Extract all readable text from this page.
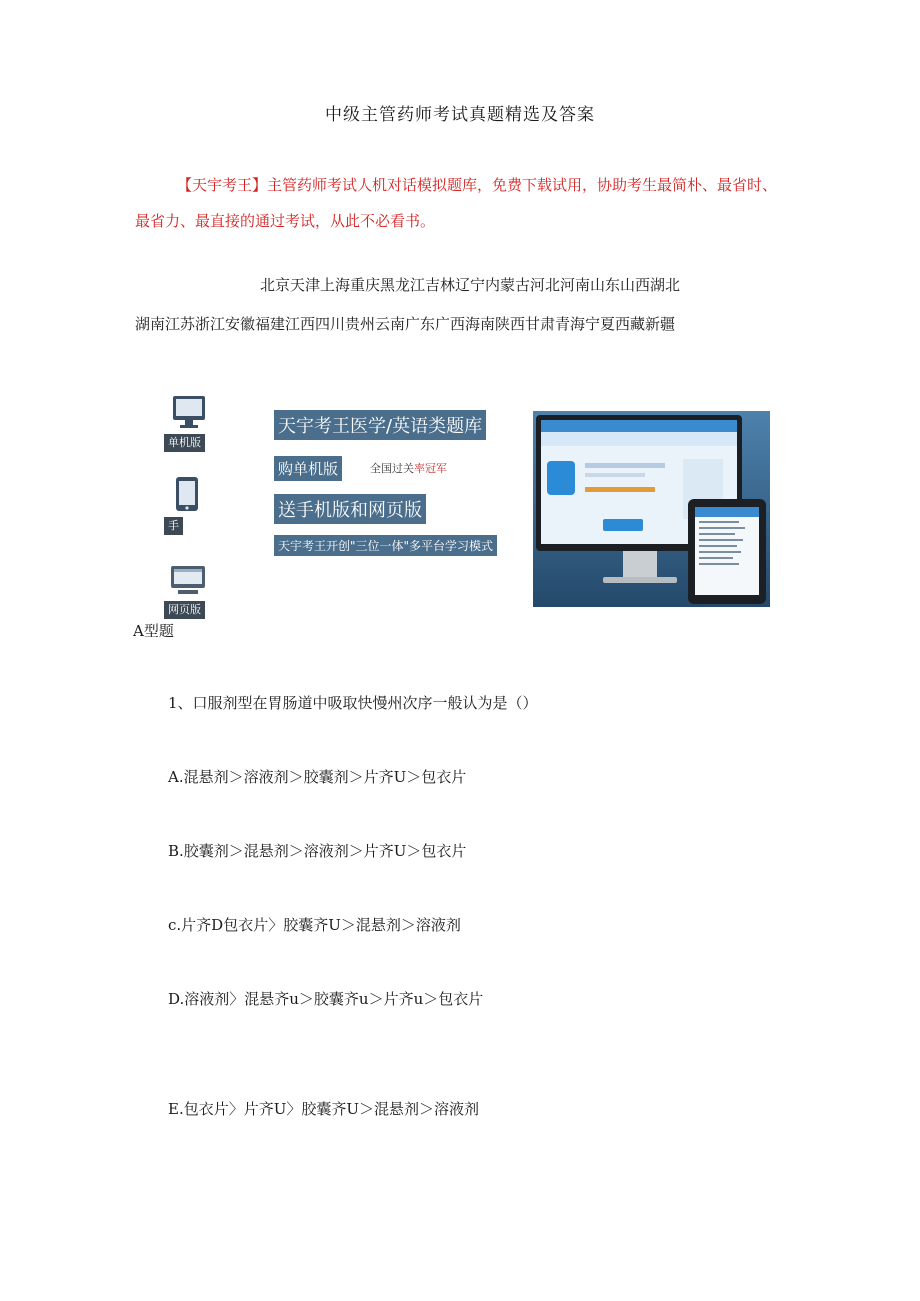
中级主管药师考试真题精选及答案
【天宇考王】主管药师考试人机对话模拟题库，免费下载试用，协助考生最简朴、最省时、最省力、最直接的通过考试，从此不必看书。
北京天津上海重庆黑龙江吉林辽宁内蒙古河北河南山东山西湖北
湖南江苏浙江安徽福建江西四川贵州云南广东广西海南陕西甘肃青海宁夏西藏新疆
单机版
手
网页版
天宇考王医学/英语类题库
购单机版	全国过关率冠军
送手机版和网页版
天宇考王开创"三位一体"多平台学习模式
A型题
1、口服剂型在胃肠道中吸取快慢州次序一般认为是（）
A.混悬剂＞溶液剂＞胶囊剂＞片齐U＞包衣片
B.胶囊剂＞混悬剂＞溶液剂＞片齐U＞包衣片
c.片齐D包衣片〉胶囊齐U＞混悬剂＞溶液剂
D.溶液剂〉混悬齐u＞胶囊齐u＞片齐u＞包衣片
E.包衣片〉片齐U〉胶囊齐U＞混悬剂＞溶液剂
